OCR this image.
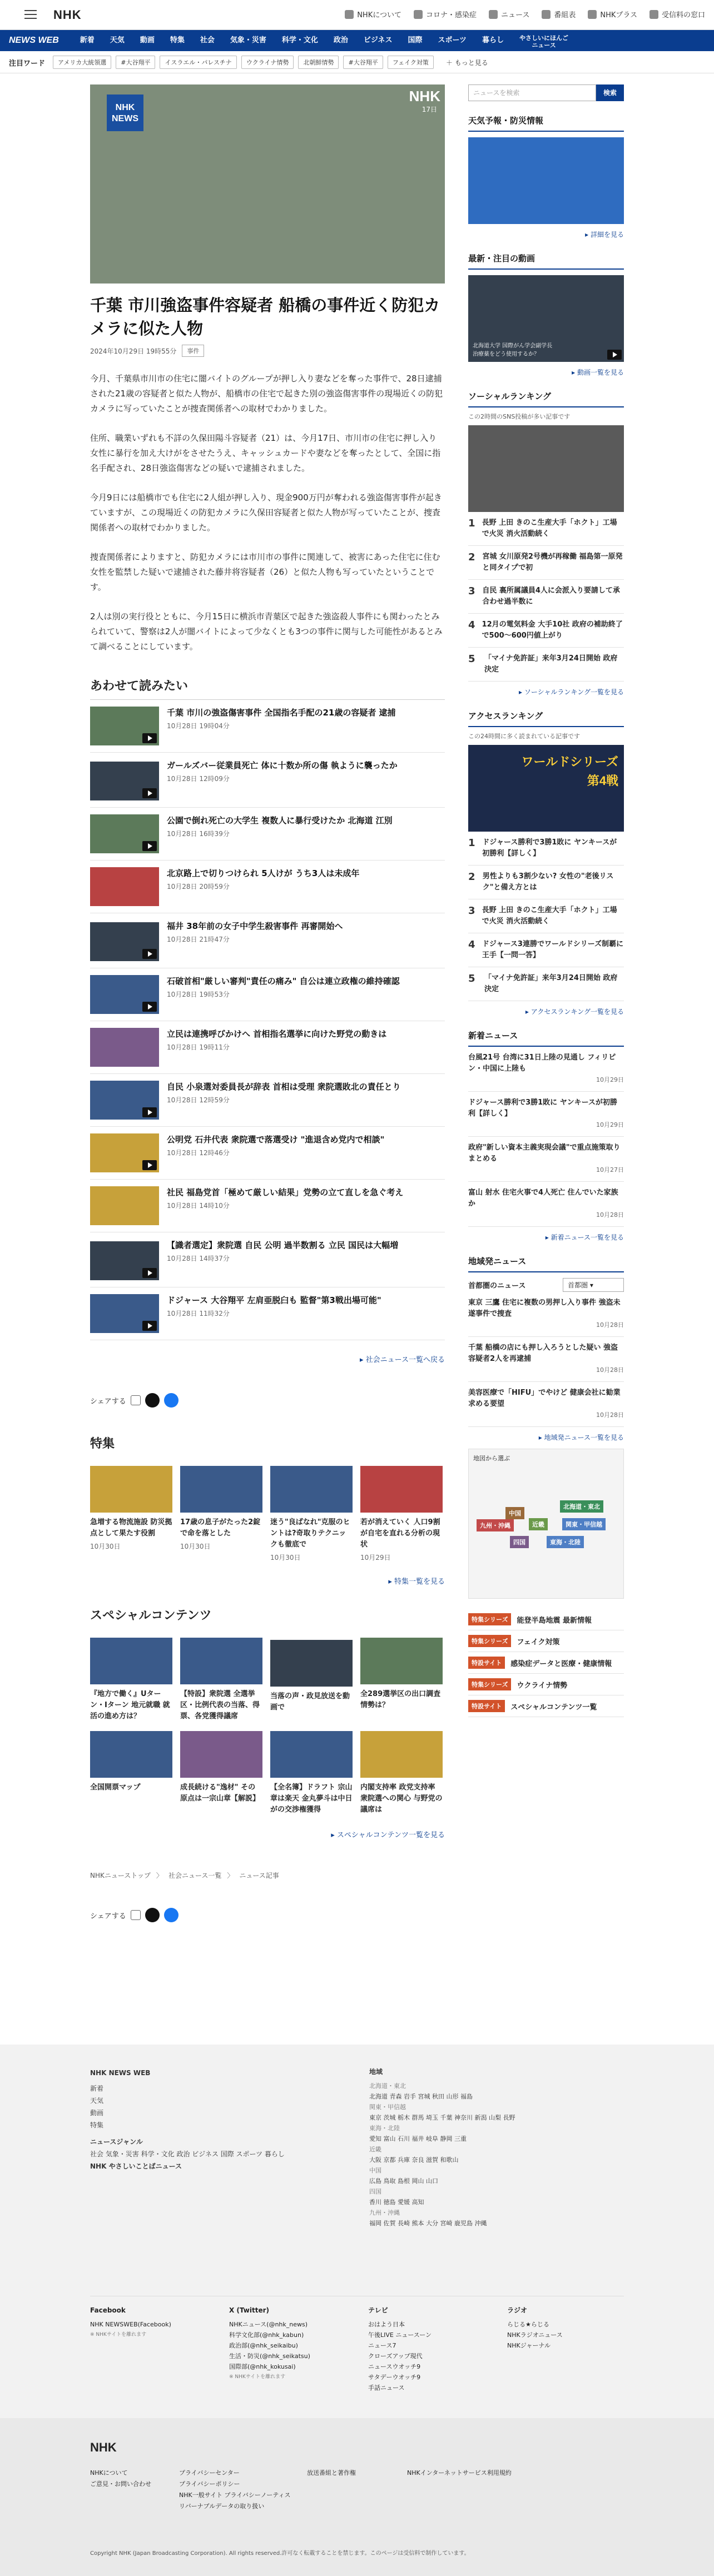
NHK	NHKについて	コロナ・感染症	ニュース	番組表	NHKプラス	受信料の窓口
NEWS WEB	新着	天気	動画	特集	社会	気象・災害	科学・文化	政治	ビジネス	国際	スポーツ	暮らし	やさしいにほんご
ニュース
注目ワード	アメリカ大統領選	#大谷翔平	イスラエル・パレスチナ	ウクライナ情勢	北朝鮮情勢	#大谷翔平	フェイク対策	＋ もっと見る
NHK
NEWS
NHK
17日
千葉 市川強盗事件容疑者 船橋の事件近く防犯カメラに似た人物
2024年10月29日 19時55分	事件

今月、千葉県市川市の住宅に闇バイトのグループが押し入り妻などを奪った事件で、28日逮捕された21歳の容疑者と似た人物が、船橋市の住宅で起きた別の強盗傷害事件の現場近くの防犯カメラに写っていたことが捜査関係者への取材でわかりました。

住所、職業いずれも不詳の久保田陽斗容疑者（21）は、今月17日、市川市の住宅に押し入り女性に暴行を加え大けがをさせたうえ、キャッシュカードや妻などを奪ったとして、全国に指名手配され、28日強盗傷害などの疑いで逮捕されました。

今月9日には船橋市でも住宅に2人組が押し入り、現金900万円が奪われる強盗傷害事件が起きていますが、この現場近くの防犯カメラに久保田容疑者と似た人物が写っていたことが、捜査関係者への取材でわかりました。

捜査関係者によりますと、防犯カメラには市川市の事件に関連して、被害にあった住宅に住む女性を監禁した疑いで逮捕された藤井将容疑者（26）と似た人物も写っていたということです。

2人は別の実行役とともに、今月15日に横浜市青葉区で起きた強盗殺人事件にも関わったとみられていて、警察は2人が闇バイトによって少なくとも3つの事件に関与した可能性があるとみて調べることにしています。

あわせて読みたい
千葉 市川の強盗傷害事件 全国指名手配の21歳の容疑者 逮捕
10月28日 19時04分
ガールズバー従業員死亡 体に十数か所の傷 執ように襲ったか
10月28日 12時09分
公園で倒れ死亡の大学生 複数人に暴行受けたか 北海道 江別
10月28日 16時39分
北京路上で切りつけられ 5人けが うち3人は未成年
10月28日 20時59分
福井 38年前の女子中学生殺害事件 再審開始へ
10月28日 21時47分
石破首相"厳しい審判"責任の痛み" 自公は連立政権の維持確認
10月28日 19時53分
立民は連携呼びかけへ 首相指名選挙に向けた野党の動きは
10月28日 19時11分
自民 小泉選対委員長が辞表 首相は受理 衆院選敗北の責任とり
10月28日 12時59分
公明党 石井代表 衆院選で落選受け "進退含め党内で相談"
10月28日 12時46分
社民 福島党首「極めて厳しい結果」党勢の立て直しを急ぐ考え
10月28日 14時10分
【識者選定】衆院選 自民 公明 過半数割る 立民 国民は大幅増
10月28日 14時37分
ドジャース 大谷翔平 左肩亜脱臼も 監督"第3戦出場可能"
10月28日 11時32分
▸ 社会ニュース一覧へ戻る
シェアする
特集
急増する物流施設 防災拠点として果たす役割
10月30日
17歳の息子がたった2錠で命を落とした
10月30日
迷う"良ばなれ"克服のヒントは?奇取りテクニックも徹底で
10月30日
若が消えていく 人口9割が自宅を直れる分析の現状
10月29日
▸ 特集一覧を見る
スペシャルコンテンツ
『地方で働く』Uターン・Iターン 地元就職 就活の進め方は？
【特設】衆院選 全選挙区・比例代表の当落、得票、各党獲得議席
当落の声・政見放送を動画で
全289選挙区の出口調査 情勢は？
全国開票マップ	成長続ける"逸材" その原点は一宗山章【解説】
【全名簿】ドラフト 宗山章は楽天 金丸夢斗は中日がの交渉権獲得
内閣支持率 政党支持率 衆院選への関心 与野党の議席は
▸ スペシャルコンテンツ一覧を見る
NHKニューストップ 〉 社会ニュース一覧 〉 ニュース記事
シェアする
ニュースを検索	検索
天気予報・防災情報
▸ 詳細を見る
最新・注目の動画
北海道大学 国際がん学会副学長
治療薬をどう使用するか？
▸ 動画一覧を見る
ソーシャルランキング
この2時間のSNS投稿が多い記事です
1 長野 上田 きのこ生産大手「ホクト」工場で火災 消火活動続く
2 宮城 女川原発2号機が再稼働 福島第一原発と同タイプで初
3 自民 裏所属議員4人に会派入り要請して承 合わせ過半数に
4 12月の電気料金 大手10社 政府の補助終了で500〜600円値上がり
5	「マイナ免許証」来年3月24日開始 政府決定
▸ ソーシャルランキング一覧を見る
アクセスランキング
この24時間に多く読まれている記事です
ワールドシリーズ
第4戦
1 ドジャース勝利で3勝1敗に ヤンキースが初勝利【詳しく】
2 男性よりも3割少ない? 女性の"老後リスク"と備え方とは
3 長野 上田 きのこ生産大手「ホクト」工場で火災 消火活動続く
4 ドジャース3連勝でワールドシリーズ制覇に王手【一問一答】
5	「マイナ免許証」来年3月24日開始 政府決定
▸ アクセスランキング一覧を見る
新着ニュース
台風21号 台湾に31日上陸の見通し フィリピン・中国に上陸も
10月29日
ドジャース勝利で3勝1敗に ヤンキースが初勝利【詳しく】
10月29日
政府"新しい資本主義実現会議"で重点施策取りまとめる
10月27日
富山 射水 住宅火事で4人死亡 住んでいた家族か
10月28日
▸ 新着ニュース一覧を見る
地域発ニュース
首都圏のニュース	首都圏 ▾
東京 三鷹 住宅に複数の男押し入り事件 強盗未遂事件で捜査
10月28日
千葉 船橋の店にも押し入ろうとした疑い 強盗容疑者2人を再逮捕
10月28日
美容医療で「HIFU」でやけど 健康会社に勧業求める要望
10月28日
▸ 地域発ニュース一覧を見る
地図から選ぶ
北海道・東北
関東・甲信越
東海・北陸
近畿
中国
四国
九州・沖縄
特集シリーズ	能登半島地震 最新情報
特集シリーズ	フェイク対策
特設サイト	感染症データと医療・健康情報
特集シリーズ	ウクライナ情勢
特設サイト	スペシャルコンテンツ一覧
NHK NEWS WEB
新着
天気
動画
特集
ニュースジャンル
社会 気象・災害 科学・文化 政治 ビジネス 国際 スポーツ 暮らし
NHK やさしいことばニュース
地域
北海道・東北
北海道 青森 岩手 宮城 秋田 山形 福島
関東・甲信越
東京 茨城 栃木 群馬 埼玉 千葉 神奈川 新潟 山梨 長野
東海・北陸
愛知 富山 石川 福井 岐阜 静岡 三重
近畿
大阪 京都 兵庫 奈良 滋賀 和歌山
中国
広島 鳥取 島根 岡山 山口
四国
香川 徳島 愛媛 高知
九州・沖縄
福岡 佐賀 長崎 熊本 大分 宮崎 鹿児島 沖縄
Facebook
NHK NEWSWEB(Facebook)
※ NHKサイトを離れます
X (Twitter)
NHKニュース(@nhk_news)
科学文化部(@nhk_kabun)
政治部(@nhk_seikaibu)
生活・防災(@nhk_seikatsu)
国際部(@nhk_kokusai)
※ NHKサイトを離れます
テレビ
おはよう日本
午後LIVE ニュースーン
ニュース7
クローズアップ現代
ニュースウオッチ9
サタデーウオッチ9
手話ニュース
ラジオ
らじる★らじる
NHKラジオニュース
NHKジャーナル
NHK
NHKについて	プライバシーセンター	放送番組と著作権	NHKインターネットサービス利用規約
ご意見・お問い合わせ	プライバシーポリシー
NHK一般サイト プライバシーノーティス
リバーナブルデータの取り扱い
Copyright NHK (Japan Broadcasting Corporation). All rights reserved.許可なく転載することを禁じます。このページは受信料で制作しています。
